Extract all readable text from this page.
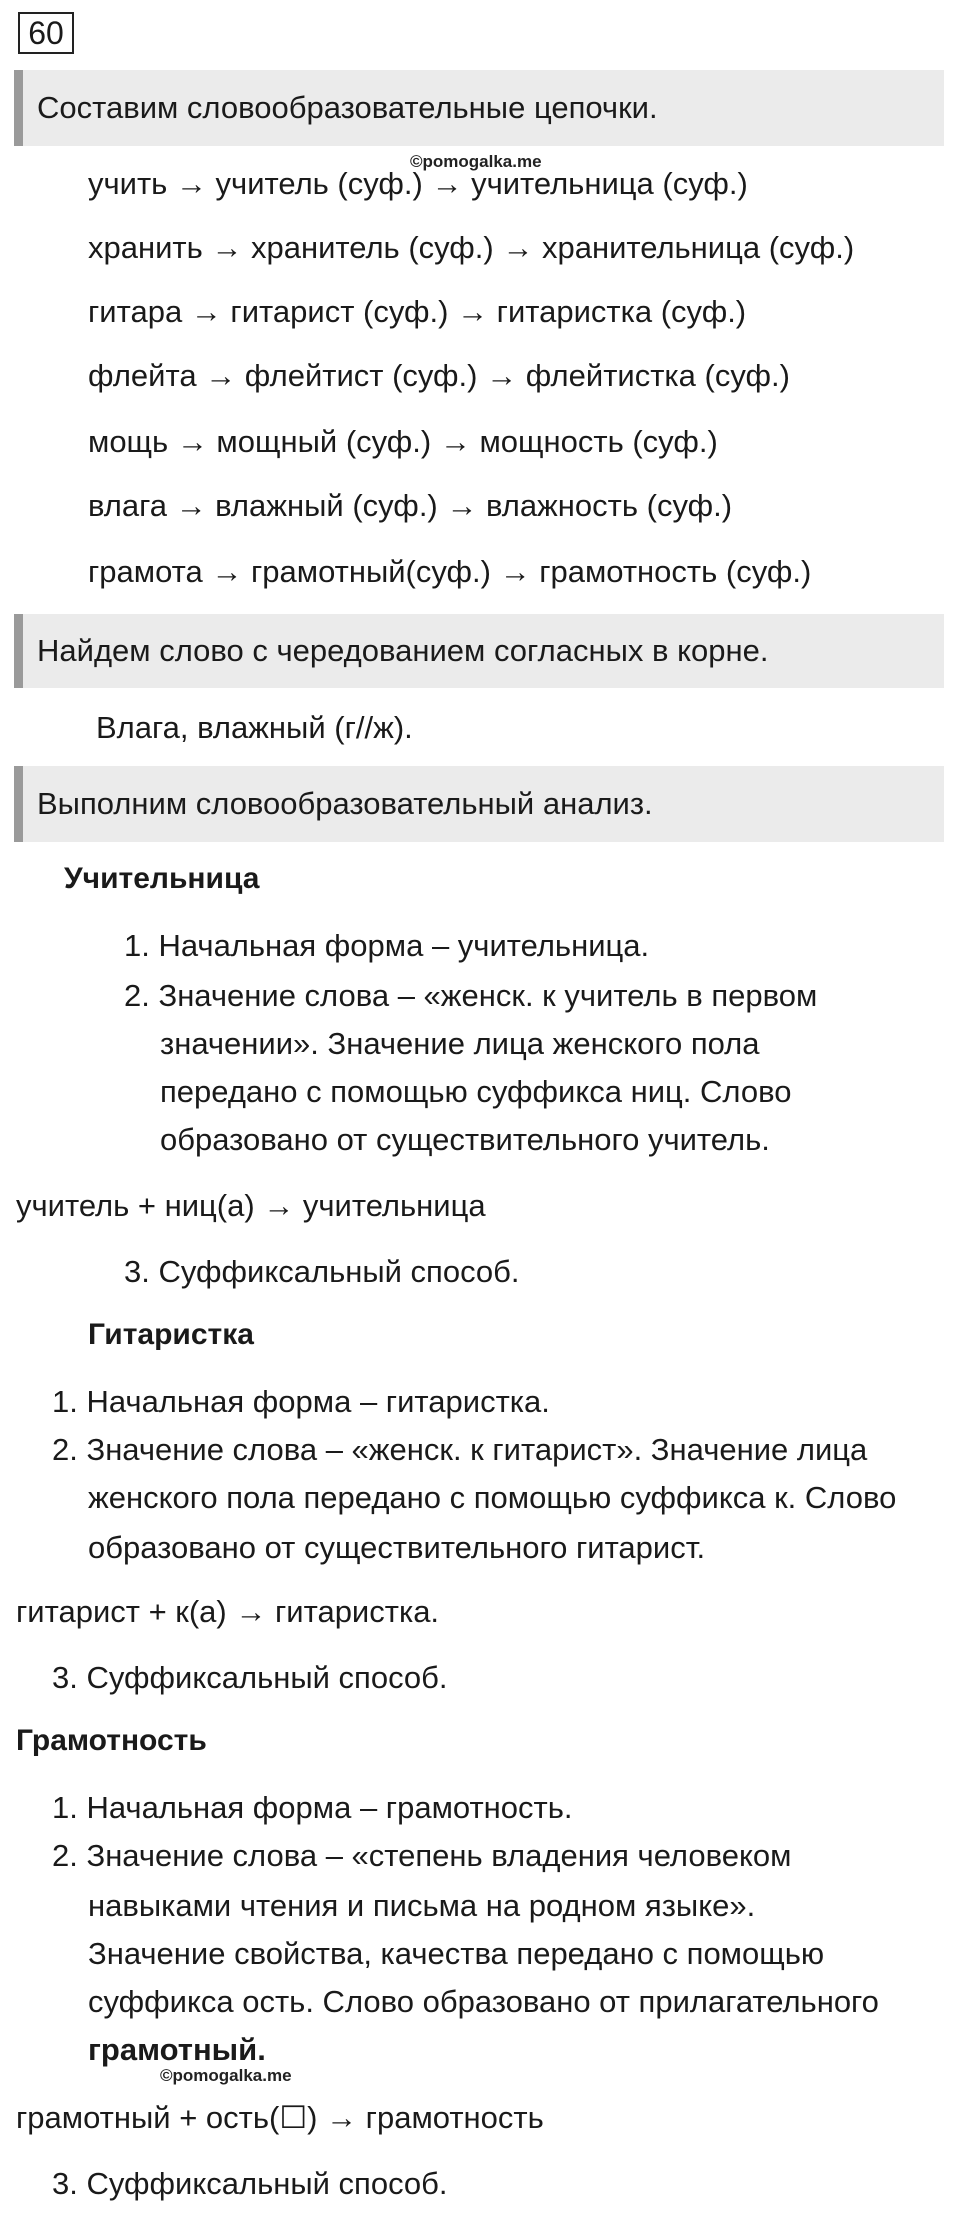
60
Составим словообразовательные цепочки.
©pomogalka.me
учить → учитель (суф.) → учительница (суф.)
хранить → хранитель (суф.) → хранительница (суф.)
гитара → гитарист (суф.) → гитаристка (суф.)
флейта → флейтист (суф.) → флейтистка (суф.)
мощь → мощный (суф.) → мощность (суф.)
влага → влажный (суф.) → влажность (суф.)
грамота → грамотный(суф.) → грамотность (суф.)
Найдем слово с чередованием согласных в корне.
Влага, влажный (г//ж).
Выполним словообразовательный анализ.
Учительница
1. Начальная форма – учительница.
2. Значение слова – «женск. к учитель в первом
значении». Значение лица женского пола
передано с помощью суффикса ниц. Слово
образовано от существительного учитель.
учитель + ниц(а) → учительница
3. Суффиксальный способ.
Гитаристка
1. Начальная форма – гитаристка.
2. Значение слова – «женск. к гитарист». Значение лица
женского пола передано с помощью суффикса к. Слово
образовано от существительного гитарист.
гитарист + к(а) → гитаристка.
3. Суффиксальный способ.
Грамотность
1. Начальная форма – грамотность.
2. Значение слова – «степень владения человеком
навыками чтения и письма на родном языке».
Значение свойства, качества передано с помощью
суффикса ость. Слово образовано от прилагательного
грамотный.
©pomogalka.me
грамотный + ость(☐) → грамотность
3. Суффиксальный способ.
